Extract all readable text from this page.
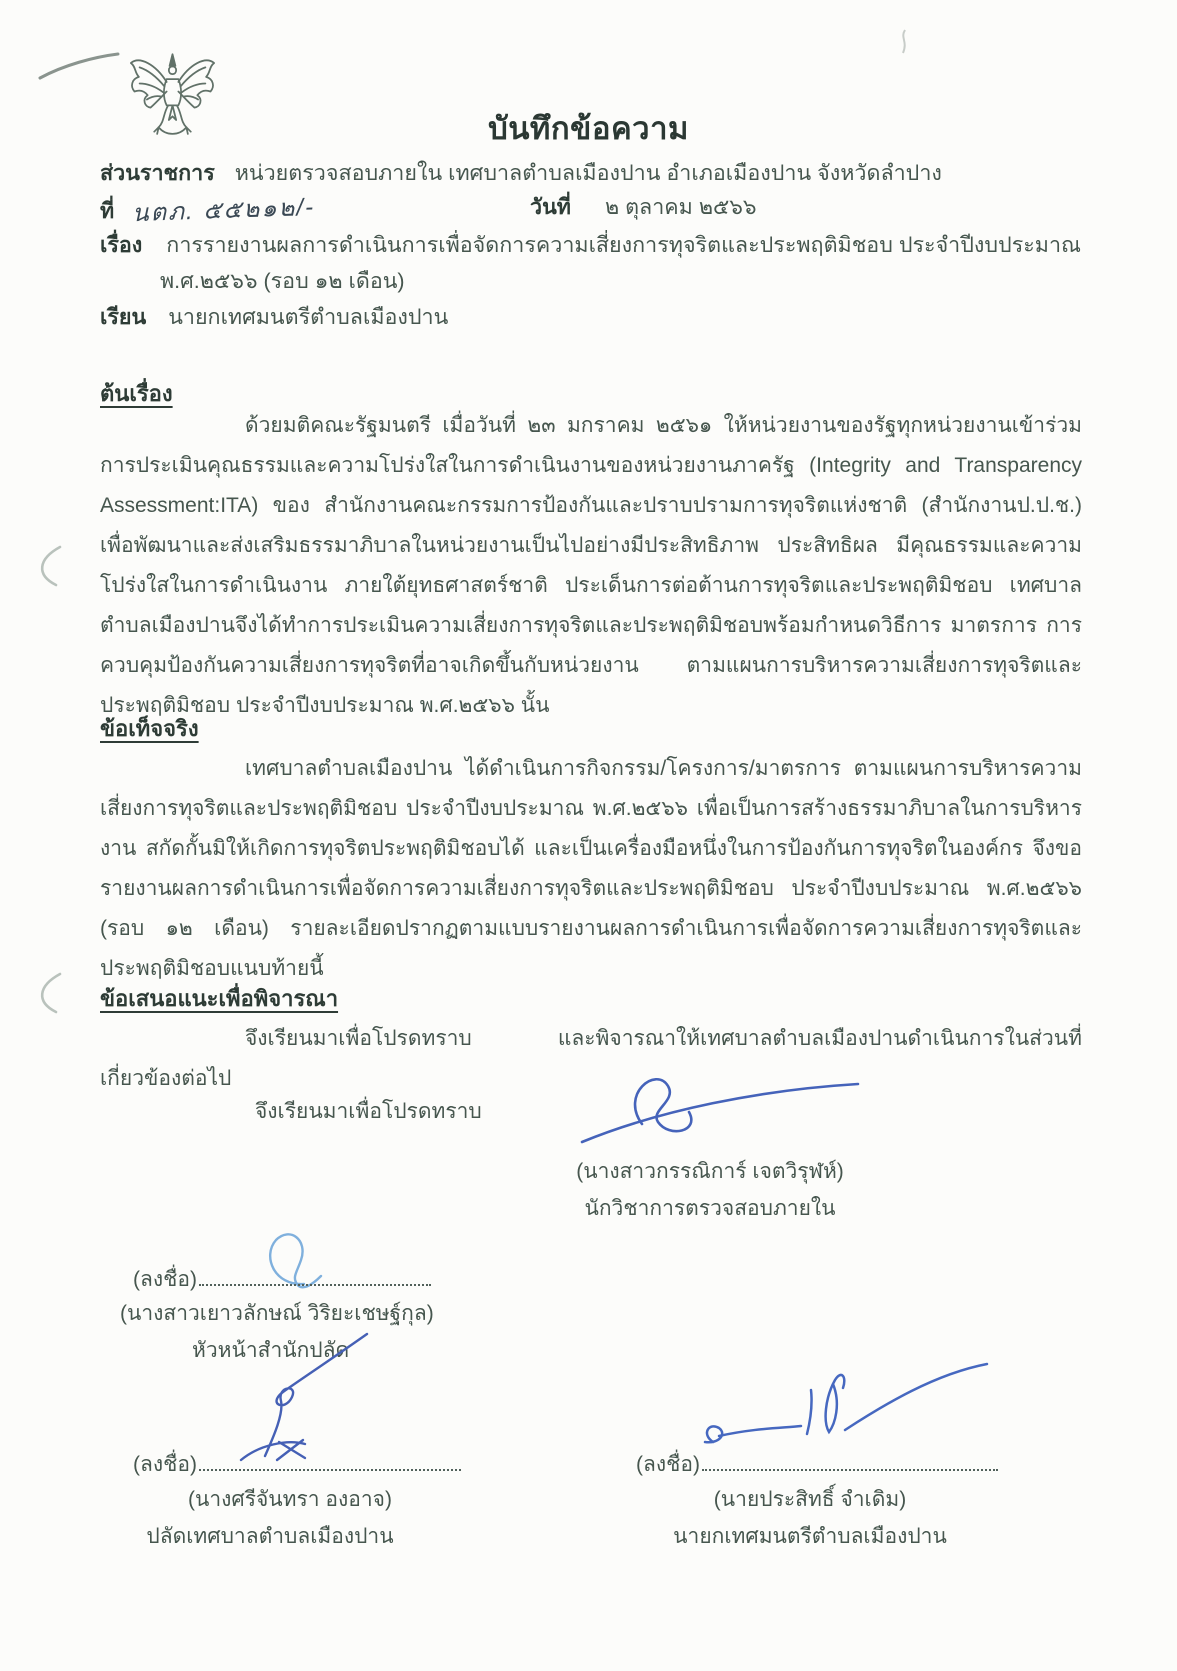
บันทึกข้อความ
ส่วนราชการ หน่วยตรวจสอบภายใน เทศบาลตำบลเมืองปาน อำเภอเมืองปาน จังหวัดลำปาง
ที่ นตภ. ๕๕๒๑๒/-	วันที่ ๒ ตุลาคม ๒๕๖๖
เรื่อง การรายงานผลการดำเนินการเพื่อจัดการความเสี่ยงการทุจริตและประพฤติมิชอบ ประจำปีงบประมาณ
พ.ศ.๒๕๖๖ (รอบ ๑๒ เดือน)
เรียน นายกเทศมนตรีตำบลเมืองปาน
ต้นเรื่อง
ด้วยมติคณะรัฐมนตรี เมื่อวันที่ ๒๓ มกราคม ๒๕๖๑ ให้หน่วยงานของรัฐทุกหน่วยงานเข้าร่วมการประเมินคุณธรรมและความโปร่งใสในการดำเนินงานของหน่วยงานภาครัฐ (Integrity and Transparency Assessment:ITA) ของ สำนักงานคณะกรรมการป้องกันและปราบปรามการทุจริตแห่งชาติ (สำนักงานป.ป.ช.) เพื่อพัฒนาและส่งเสริมธรรมาภิบาลในหน่วยงานเป็นไปอย่างมีประสิทธิภาพ ประสิทธิผล มีคุณธรรมและความโปร่งใสในการดำเนินงาน ภายใต้ยุทธศาสตร์ชาติ ประเด็นการต่อต้านการทุจริตและประพฤติมิชอบ เทศบาลตำบลเมืองปานจึงได้ทำการประเมินความเสี่ยงการทุจริตและประพฤติมิชอบพร้อมกำหนดวิธีการ มาตรการ การควบคุมป้องกันความเสี่ยงการทุจริตที่อาจเกิดขึ้นกับหน่วยงาน ตามแผนการบริหารความเสี่ยงการทุจริตและประพฤติมิชอบ ประจำปีงบประมาณ พ.ศ.๒๕๖๖ นั้น
ข้อเท็จจริง
เทศบาลตำบลเมืองปาน ได้ดำเนินการกิจกรรม/โครงการ/มาตรการ ตามแผนการบริหารความเสี่ยงการทุจริตและประพฤติมิชอบ ประจำปีงบประมาณ พ.ศ.๒๕๖๖ เพื่อเป็นการสร้างธรรมาภิบาลในการบริหารงาน สกัดกั้นมิให้เกิดการทุจริตประพฤติมิชอบได้ และเป็นเครื่องมือหนึ่งในการป้องกันการทุจริตในองค์กร จึงขอรายงานผลการดำเนินการเพื่อจัดการความเสี่ยงการทุจริตและประพฤติมิชอบ ประจำปีงบประมาณ พ.ศ.๒๕๖๖ (รอบ ๑๒ เดือน) รายละเอียดปรากฏตามแบบรายงานผลการดำเนินการเพื่อจัดการความเสี่ยงการทุจริตและประพฤติมิชอบแนบท้ายนี้
ข้อเสนอแนะเพื่อพิจารณา
จึงเรียนมาเพื่อโปรดทราบ และพิจารณาให้เทศบาลตำบลเมืองปานดำเนินการในส่วนที่เกี่ยวข้องต่อไป
จึงเรียนมาเพื่อโปรดทราบ
(นางสาวกรรณิการ์ เจตวิรุฬห์)
นักวิชาการตรวจสอบภายใน
(ลงชื่อ)
(นางสาวเยาวลักษณ์ วิริยะเชษฐ์กุล)
หัวหน้าสำนักปลัด
(ลงชื่อ)
(นางศรีจันทรา องอาจ)
ปลัดเทศบาลตำบลเมืองปาน
(ลงชื่อ)
(นายประสิทธิ์ จำเดิม)
นายกเทศมนตรีตำบลเมืองปาน
